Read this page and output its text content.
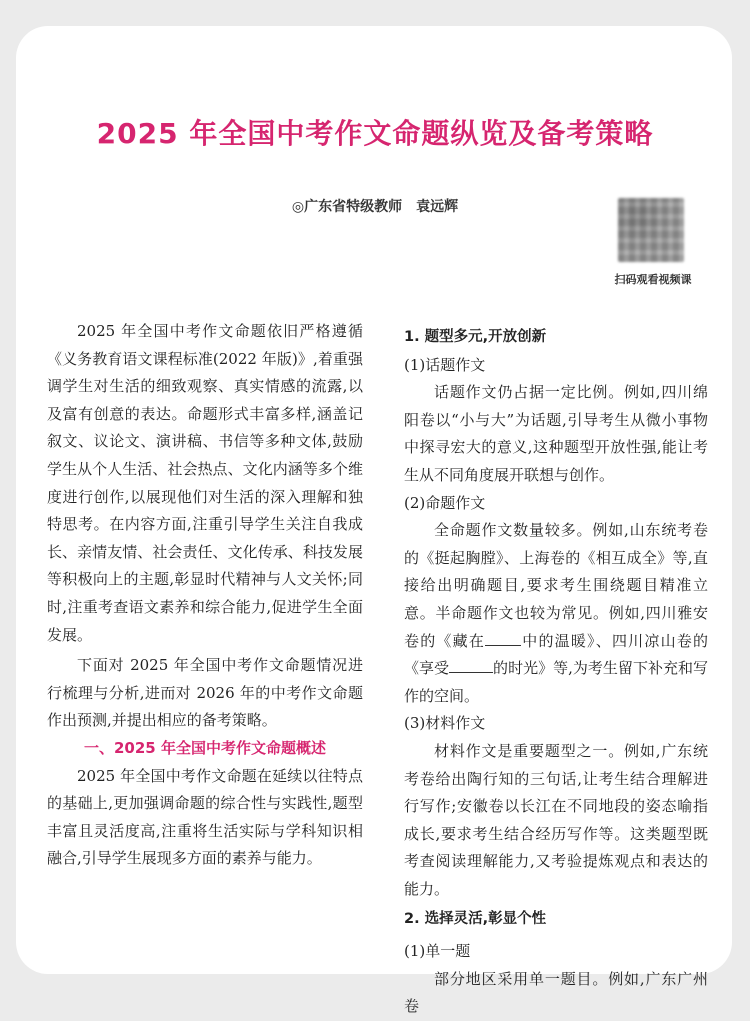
2025 年全国中考作文命题纵览及备考策略
◎广东省特级教师 袁远辉
扫码观看视频课

2025 年全国中考作文命题依旧严格遵循《义务教育语文课程标准(2022 年版)》,着重强调学生对生活的细致观察、真实情感的流露,以及富有创意的表达。命题形式丰富多样,涵盖记叙文、议论文、演讲稿、书信等多种文体,鼓励学生从个人生活、社会热点、文化内涵等多个维度进行创作,以展现他们对生活的深入理解和独特思考。在内容方面,注重引导学生关注自我成长、亲情友情、社会责任、文化传承、科技发展等积极向上的主题,彰显时代精神与人文关怀;同时,注重考查语文素养和综合能力,促进学生全面发展。

下面对 2025 年全国中考作文命题情况进行梳理与分析,进而对 2026 年的中考作文命题作出预测,并提出相应的备考策略。

一、2025 年全国中考作文命题概述

2025 年全国中考作文命题在延续以往特点的基础上,更加强调命题的综合性与实践性,题型丰富且灵活度高,注重将生活实际与学科知识相融合,引导学生展现多方面的素养与能力。

1. 题型多元,开放创新

(1)话题作文

话题作文仍占据一定比例。例如,四川绵阳卷以“小与大”为话题,引导考生从微小事物中探寻宏大的意义,这种题型开放性强,能让考生从不同角度展开联想与创作。

(2)命题作文

全命题作文数量较多。例如,山东统考卷的《挺起胸膛》、上海卷的《相互成全》等,直接给出明确题目,要求考生围绕题目精准立意。半命题作文也较为常见。例如,四川雅安卷的《藏在 中的温暖》、四川凉山卷的《享受	的时光》等,为考生留下补充和写作的空间。

(3)材料作文

材料作文是重要题型之一。例如,广东统考卷给出陶行知的三句话,让考生结合理解进行写作;安徽卷以长江在不同地段的姿态喻指成长,要求考生结合经历写作等。这类题型既考查阅读理解能力,又考验提炼观点和表达的能力。

2. 选择灵活,彰显个性

(1)单一题

部分地区采用单一题目。例如,广东广州卷
